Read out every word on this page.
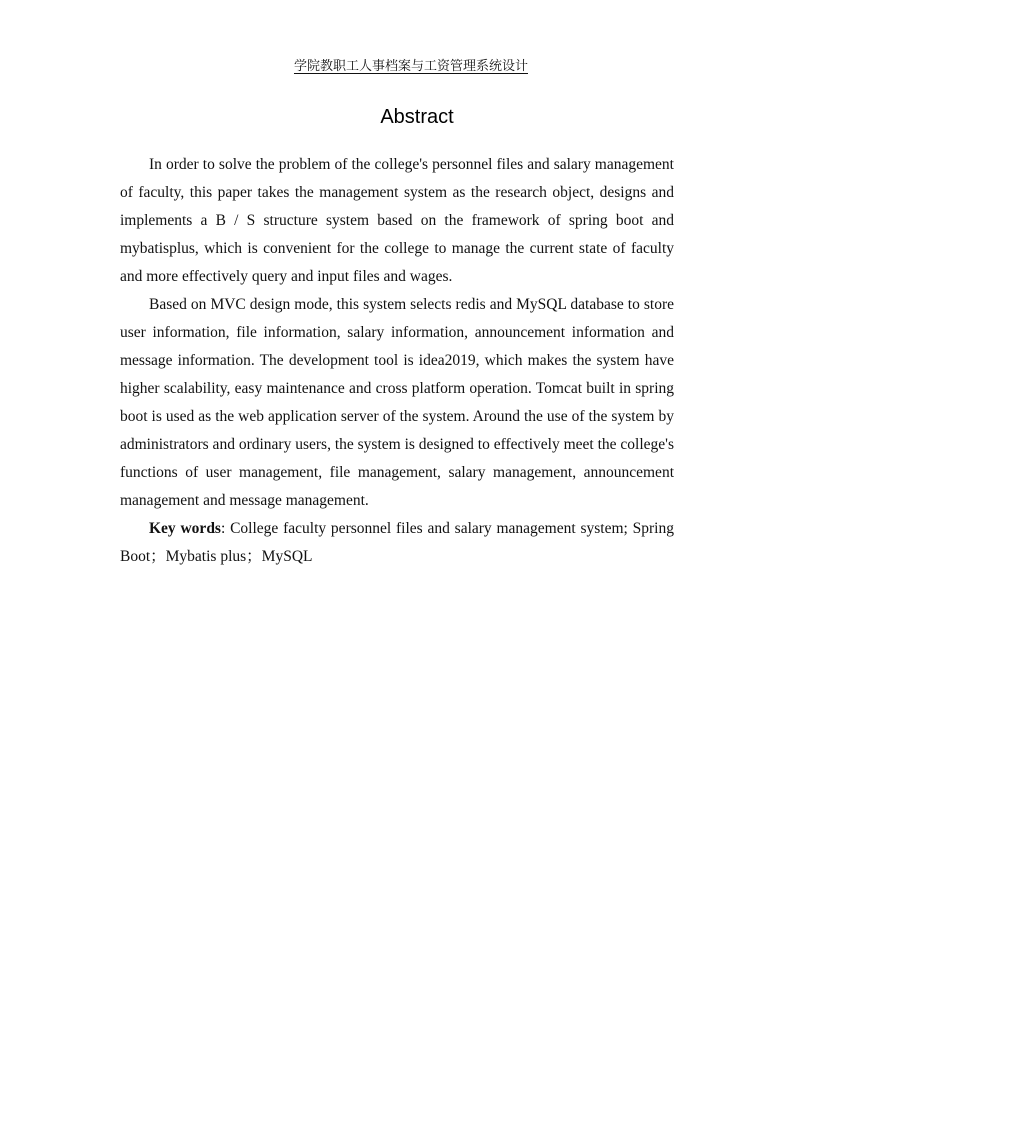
学院教职工人事档案与工资管理系统设计
Abstract

In order to solve the problem of the college's personnel files and salary management of faculty, this paper takes the management system as the research object, designs and implements a B / S structure system based on the framework of spring boot and mybatisplus, which is convenient for the college to manage the current state of faculty and more effectively query and input files and wages.

Based on MVC design mode, this system selects redis and MySQL database to store user information, file information, salary information, announcement information and message information. The development tool is idea2019, which makes the system have higher scalability, easy maintenance and cross platform operation. Tomcat built in spring boot is used as the web application server of the system. Around the use of the system by administrators and ordinary users, the system is designed to effectively meet the college's functions of user management, file management, salary management, announcement management and message management.

Key words: College faculty personnel files and salary management system; Spring Boot；Mybatis plus；MySQL
